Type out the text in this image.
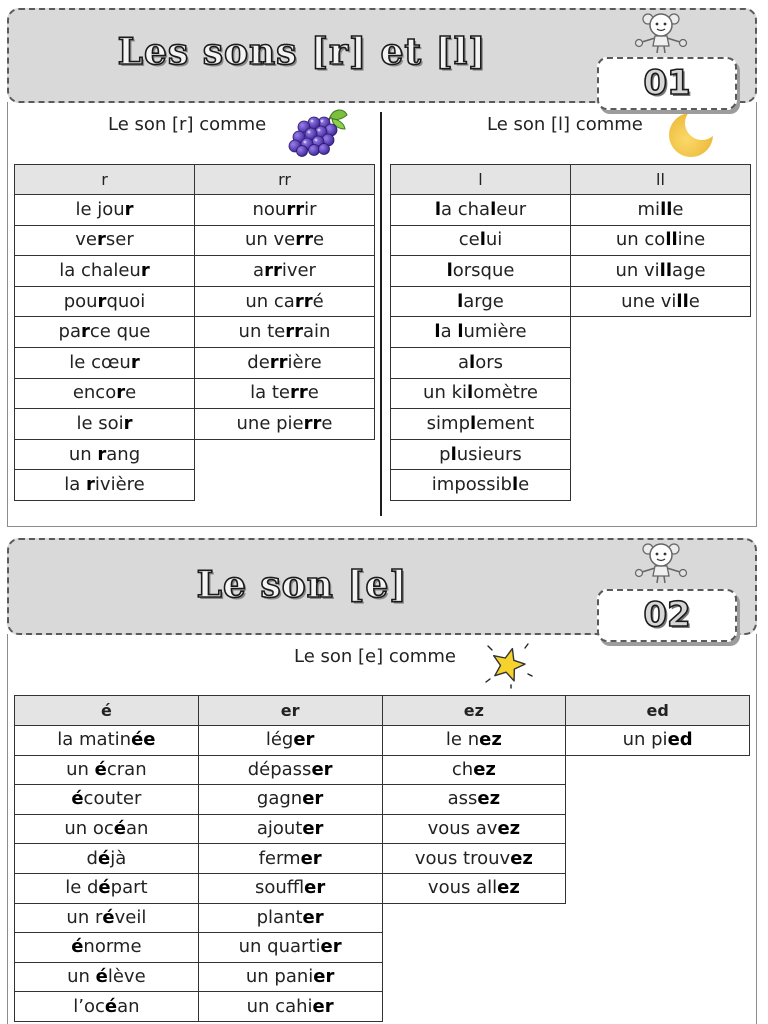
Les sons [r] et [l]
01
Le son [r] comme	Le son [l] comme
r	rr
le jour	nourrir
verser	un verre
la chaleur	arriver
pourquoi	un carré
parce que	un terrain
le cœur	derrière
encore	la terre
le soir	une pierre
un rang	
la rivière	
l	ll
la chaleur	mille
celui	un colline
lorsque	un village
large	une ville
la lumière	
alors	
un kilomètre	
simplement	
plusieurs	
impossible	
Le son [e]
02
Le son [e] comme
é	er	ez	ed
la matinée	léger	le nez	un pied
un écran	dépasser	chez	
écouter	gagner	assez	
un océan	ajouter	vous avez	
déjà	fermer	vous trouvez	
le départ	souffler	vous allez	
un réveil	planter		
énorme	un quartier		
un élève	un panier		
l’océan	un cahier		
